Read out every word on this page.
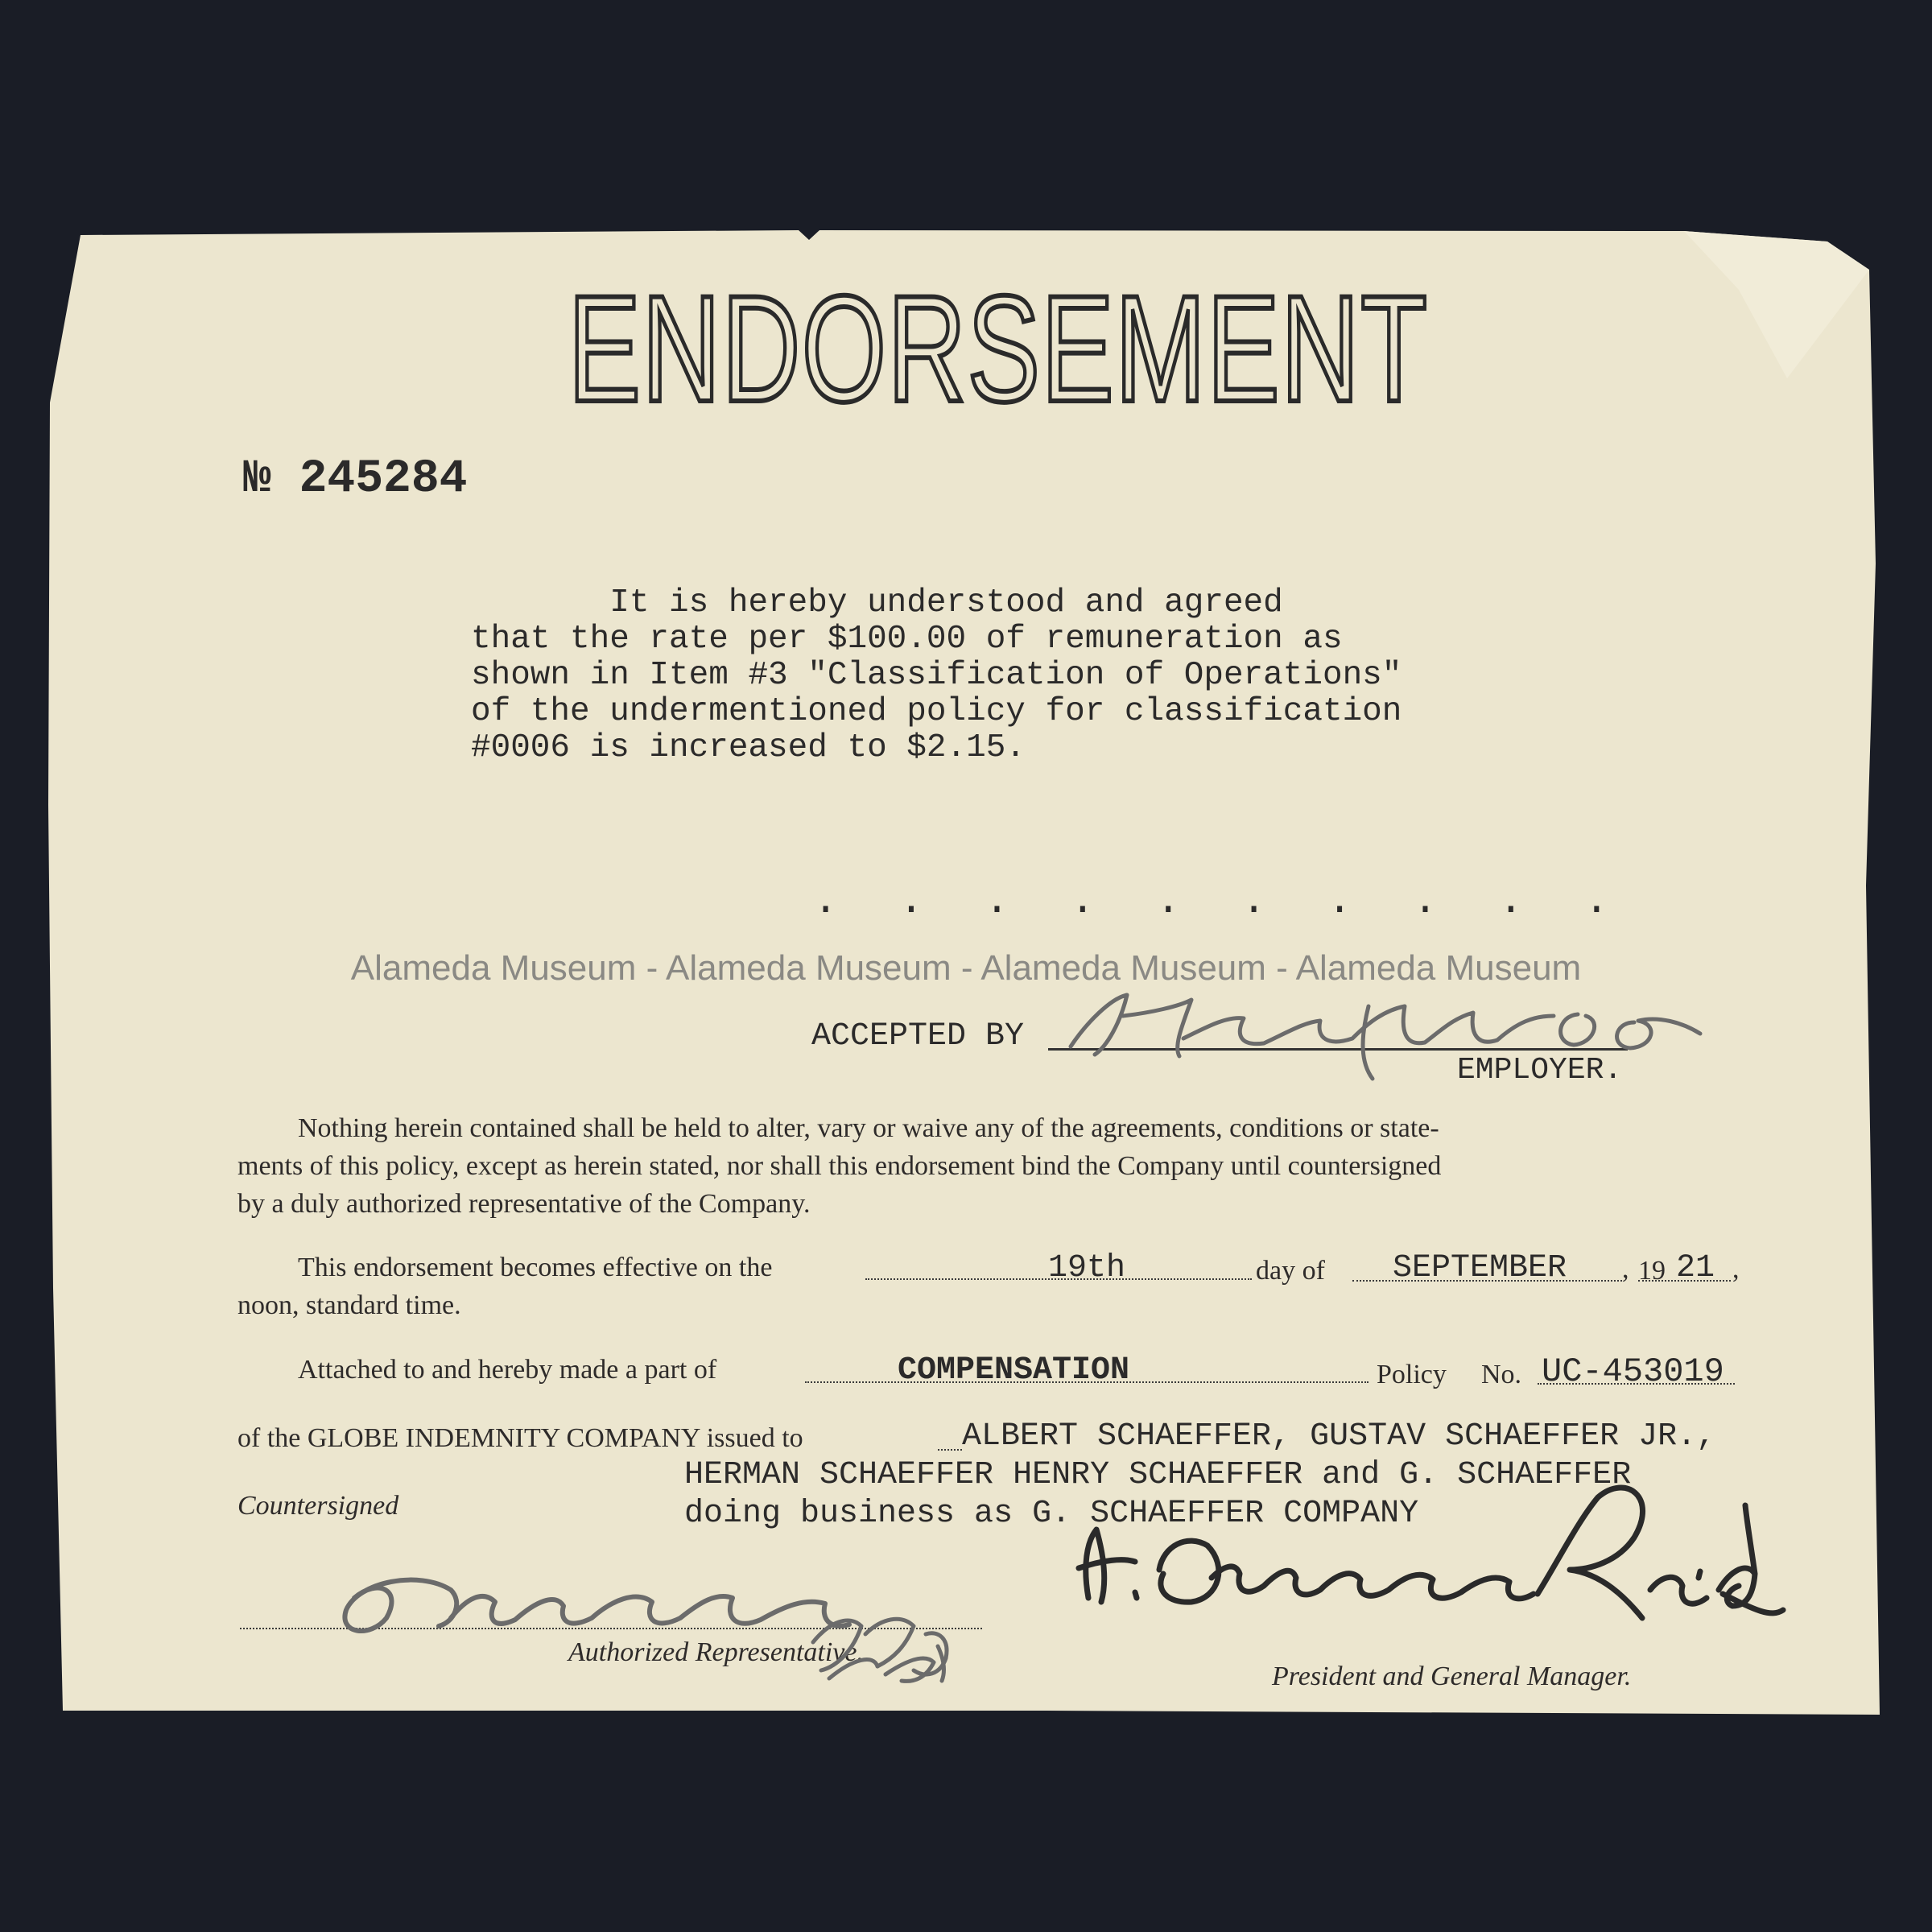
ENDORSEMENT
№ 245284
It is hereby understood and agreed
that the rate per $100.00 of remuneration as
shown in Item #3 "Classification of Operations"
of the undermentioned policy for classification
#0006 is increased to $2.15.
. . . . . . . . . .
Alameda Museum - Alameda Museum - Alameda Museum - Alameda Museum
ACCEPTED BY
EMPLOYER.
Nothing herein contained shall be held to alter, vary or waive any of the agreements, conditions or state-
ments of this policy, except as herein stated, nor shall this endorsement bind the Company until countersigned
by a duly authorized representative of the Company.
This endorsement becomes effective on the	19th	day of SEPTEMBER , 19 21 ,
noon, standard time.
Attached to and hereby made a part of	COMPENSATION	Policy No. UC-453019
of the GLOBE INDEMNITY COMPANY issued to	ALBERT SCHAEFFER, GUSTAV SCHAEFFER JR.,
HERMAN SCHAEFFER HENRY SCHAEFFER and G. SCHAEFFER
doing business as G. SCHAEFFER COMPANY
Countersigned
Authorized Representative.
President and General Manager.
